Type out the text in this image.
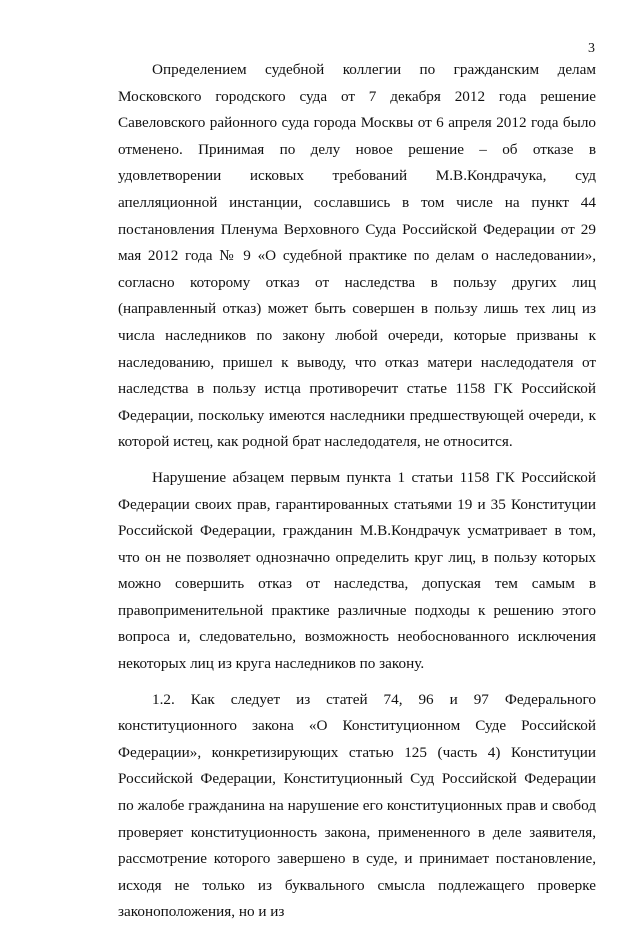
3

Определением судебной коллегии по гражданским делам Московского городского суда от 7 декабря 2012 года решение Савеловского районного суда города Москвы от 6 апреля 2012 года было отменено. Принимая по делу новое решение – об отказе в удовлетворении исковых требований М.В.Кондрачука, суд апелляционной инстанции, сославшись в том числе на пункт 44 постановления Пленума Верховного Суда Российской Федерации от 29 мая 2012 года № 9 «О судебной практике по делам о наследовании», согласно которому отказ от наследства в пользу других лиц (направленный отказ) может быть совершен в пользу лишь тех лиц из числа наследников по закону любой очереди, которые призваны к наследованию, пришел к выводу, что отказ матери наследодателя от наследства в пользу истца противоречит статье 1158 ГК Российской Федерации, поскольку имеются наследники предшествующей очереди, к которой истец, как родной брат наследодателя, не относится.

Нарушение абзацем первым пункта 1 статьи 1158 ГК Российской Федерации своих прав, гарантированных статьями 19 и 35 Конституции Российской Федерации, гражданин М.В.Кондрачук усматривает в том, что он не позволяет однозначно определить круг лиц, в пользу которых можно совершить отказ от наследства, допуская тем самым в правоприменительной практике различные подходы к решению этого вопроса и, следовательно, возможность необоснованного исключения некоторых лиц из круга наследников по закону.

1.2. Как следует из статей 74, 96 и 97 Федерального конституционного закона «О Конституционном Суде Российской Федерации», конкретизирующих статью 125 (часть 4) Конституции Российской Федерации, Конституционный Суд Российской Федерации по жалобе гражданина на нарушение его конституционных прав и свобод проверяет конституционность закона, примененного в деле заявителя, рассмотрение которого завершено в суде, и принимает постановление, исходя не только из буквального смысла подлежащего проверке законоположения, но и из
